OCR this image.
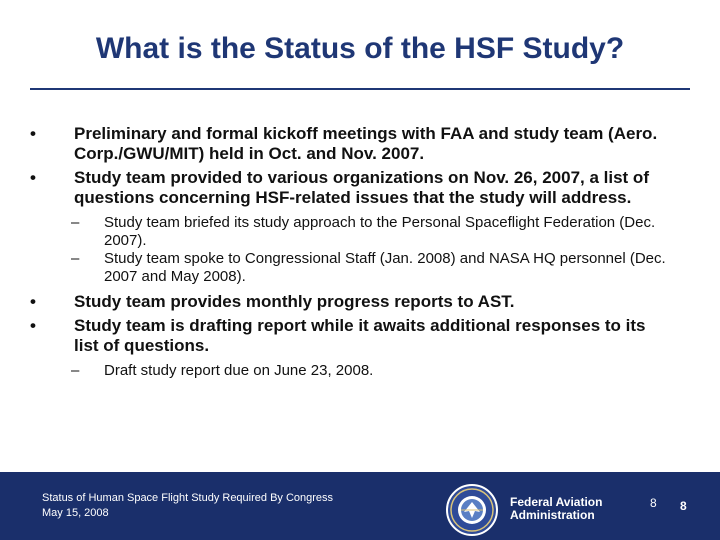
What is the Status of the HSF Study?
•	Preliminary and formal kickoff meetings with FAA and study team (Aero. Corp./GWU/MIT) held in Oct. and Nov. 2007.
•	Study team provided to various organizations on Nov. 26, 2007, a list of questions concerning HSF-related issues that the study will address.
–	Study team briefed its study approach to the Personal Spaceflight Federation (Dec. 2007).
–	Study team spoke to Congressional Staff (Jan. 2008) and NASA HQ personnel (Dec. 2007 and May 2008).
•	Study team provides monthly progress reports to AST.
•	Study team is drafting report while it awaits additional responses to its list of questions.
–	Draft study report due on June 23, 2008.
Status of Human Space Flight Study Required By Congress
May 15, 2008
Federal Aviation
Administration
8 8
